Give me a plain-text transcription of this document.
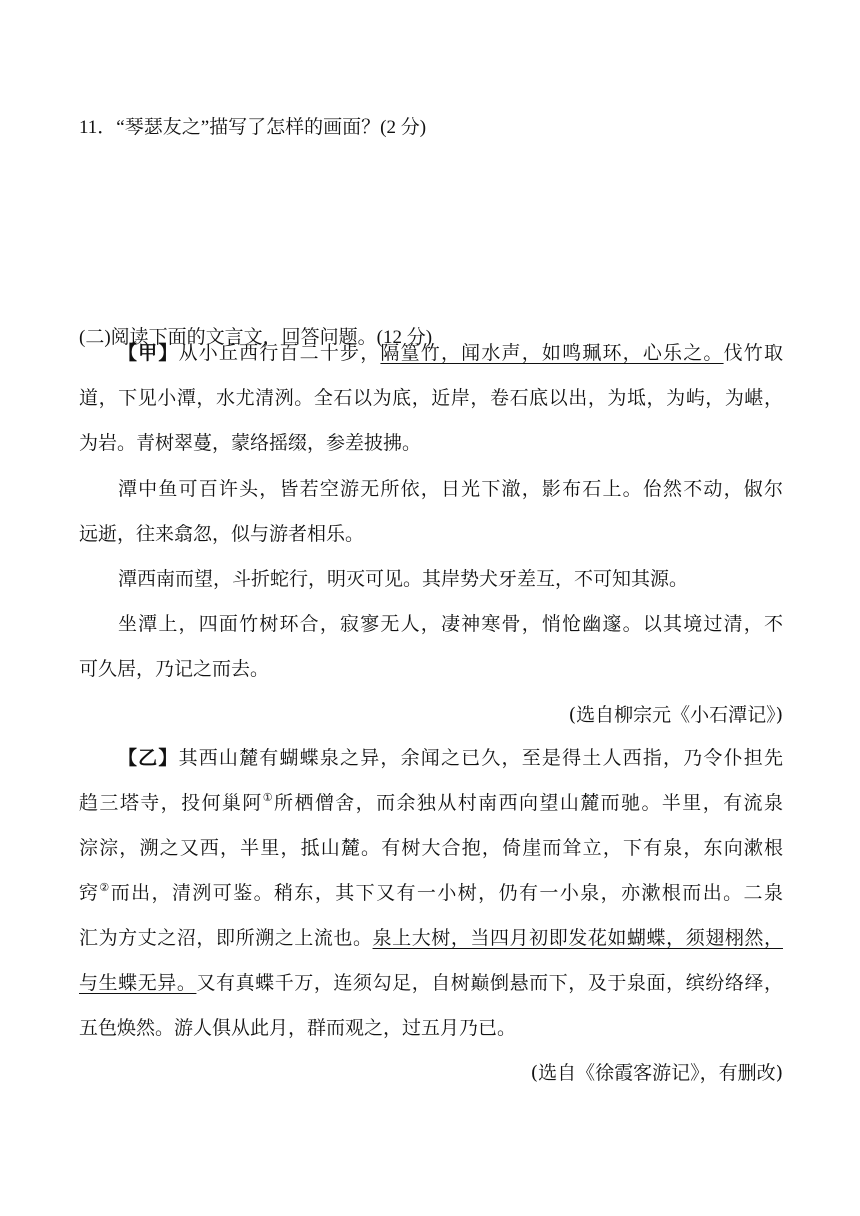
11．“琴瑟友之”描写了怎样的画面？(2 分)
(二)阅读下面的文言文，回答问题。(12 分)
【甲】从小丘西行百二十步，隔篁竹，闻水声，如鸣珮环，心乐之。伐竹取
道，下见小潭，水尤清洌。全石以为底，近岸，卷石底以出，为坻，为屿，为嵁，
为岩。青树翠蔓，蒙络摇缀，参差披拂。
潭中鱼可百许头，皆若空游无所依，日光下澈，影布石上。佁然不动，俶尔
远逝，往来翕忽，似与游者相乐。
潭西南而望，斗折蛇行，明灭可见。其岸势犬牙差互，不可知其源。
坐潭上，四面竹树环合，寂寥无人，凄神寒骨，悄怆幽邃。以其境过清，不
可久居，乃记之而去。
(选自柳宗元《小石潭记》)
【乙】其西山麓有蝴蝶泉之异，余闻之已久，至是得土人西指，乃令仆担先
趋三塔寺，投何巢阿①所栖僧舍，而余独从村南西向望山麓而驰。半里，有流泉
淙淙，溯之又西，半里，抵山麓。有树大合抱，倚崖而耸立，下有泉，东向漱根
窍②而出，清洌可鉴。稍东，其下又有一小树，仍有一小泉，亦漱根而出。二泉
汇为方丈之沼，即所溯之上流也。泉上大树，当四月初即发花如蝴蝶，须翅栩然，
与生蝶无异。又有真蝶千万，连须勾足，自树巅倒悬而下，及于泉面，缤纷络绎，
五色焕然。游人俱从此月，群而观之，过五月乃已。
(选自《徐霞客游记》，有删改)
